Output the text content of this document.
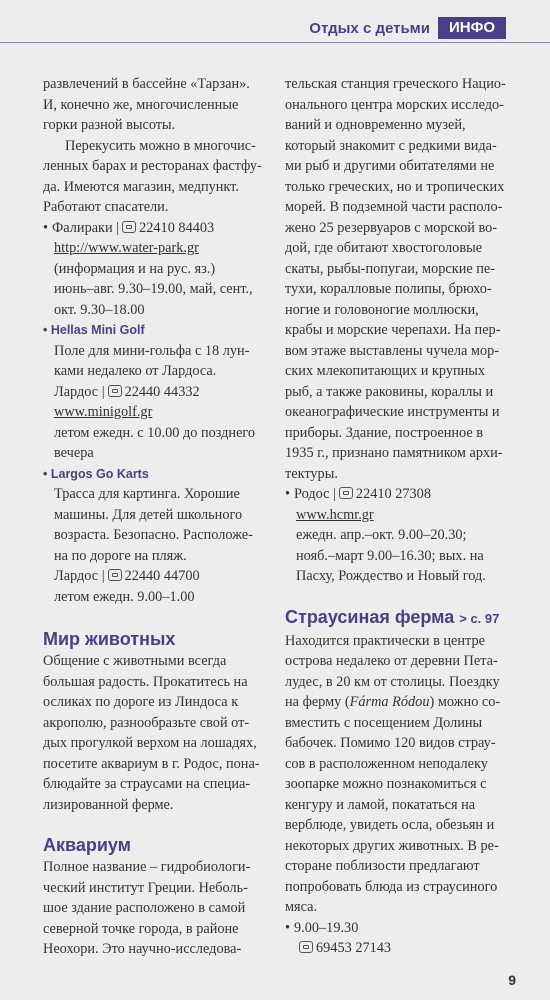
Отдых с детьми	ИНФО

развлечений в бассейне «Тарзан».
И, конечно же, многочисленные
горки разной высоты.

Перекусить можно в многочис-
ленных барах и ресторанах фастфу-
да. Имеются магазин, медпункт.
Работают спасатели.

• Фалираки | 22410 84403
http://www.water-park.gr
(информация и на рус. яз.)
июнь–авг. 9.30–19.00, май, сент.,
окт. 9.30–18.00
• Hellas Mini Golf
Поле для мини-гольфа с 18 лун-
ками недалеко от Лардоса.
Лардос | 22440 44332
www.minigolf.gr
летом ежедн. с 10.00 до позднего
вечера
• Largos Go Karts
Трасса для картинга. Хорошие
машины. Для детей школьного
возраста. Безопасно. Расположе-
на по дороге на пляж.
Лардос | 22440 44700
летом ежедн. 9.00–1.00
Мир животных

Общение с животными всегда
большая радость. Прокатитесь на
осликах по дороге из Линдоса к
акрополю, разнообразьте свой от-
дых прогулкой верхом на лошадях,
посетите аквариум в г. Родос, пона-
блюдайте за страусами на специа-
лизированной ферме.

Аквариум

Полное название – гидробиологи-
ческий институт Греции. Неболь-
шое здание расположено в самой
северной точке города, в районе
Неохори. Это научно-исследова-

тельская станция греческого Нацио-
онального центра морских исследо-
ваний и одновременно музей,
который знакомит с редкими вида-
ми рыб и другими обитателями не
только греческих, но и тропических
морей. В подземной части располо-
жено 25 резервуаров с морской во-
дой, где обитают хвостоголовые
скаты, рыбы-попугаи, морские пе-
тухи, коралловые полипы, брюхо-
ногие и головоногие моллюски,
крабы и морские черепахи. На пер-
вом этаже выставлены чучела мор-
ских млекопитающих и крупных
рыб, а также раковины, кораллы и
океанографические инструменты и
приборы. Здание, построенное в
1935 г., признано памятником архи-
тектуры.

• Родос | 22410 27308
www.hcmr.gr
ежедн. апр.–окт. 9.00–20.30;
нояб.–март 9.00–16.30; вых. на
Пасху, Рождество и Новый год.
Страусиная ферма > с. 97

Находится практически в центре
острова недалеко от деревни Пета-
лудес, в 20 км от столицы. Поездку
на ферму (Fárma Ródou) можно со-
вместить с посещением Долины
бабочек. Помимо 120 видов страу-
сов в расположенном неподалеку
зоопарке можно познакомиться с
кенгуру и ламой, покататься на
верблюде, увидеть осла, обезьян и
некоторых других животных. В ре-
сторане поблизости предлагают
попробовать блюда из страусиного
мяса.

• 9.00–19.30
69453 27143
9
